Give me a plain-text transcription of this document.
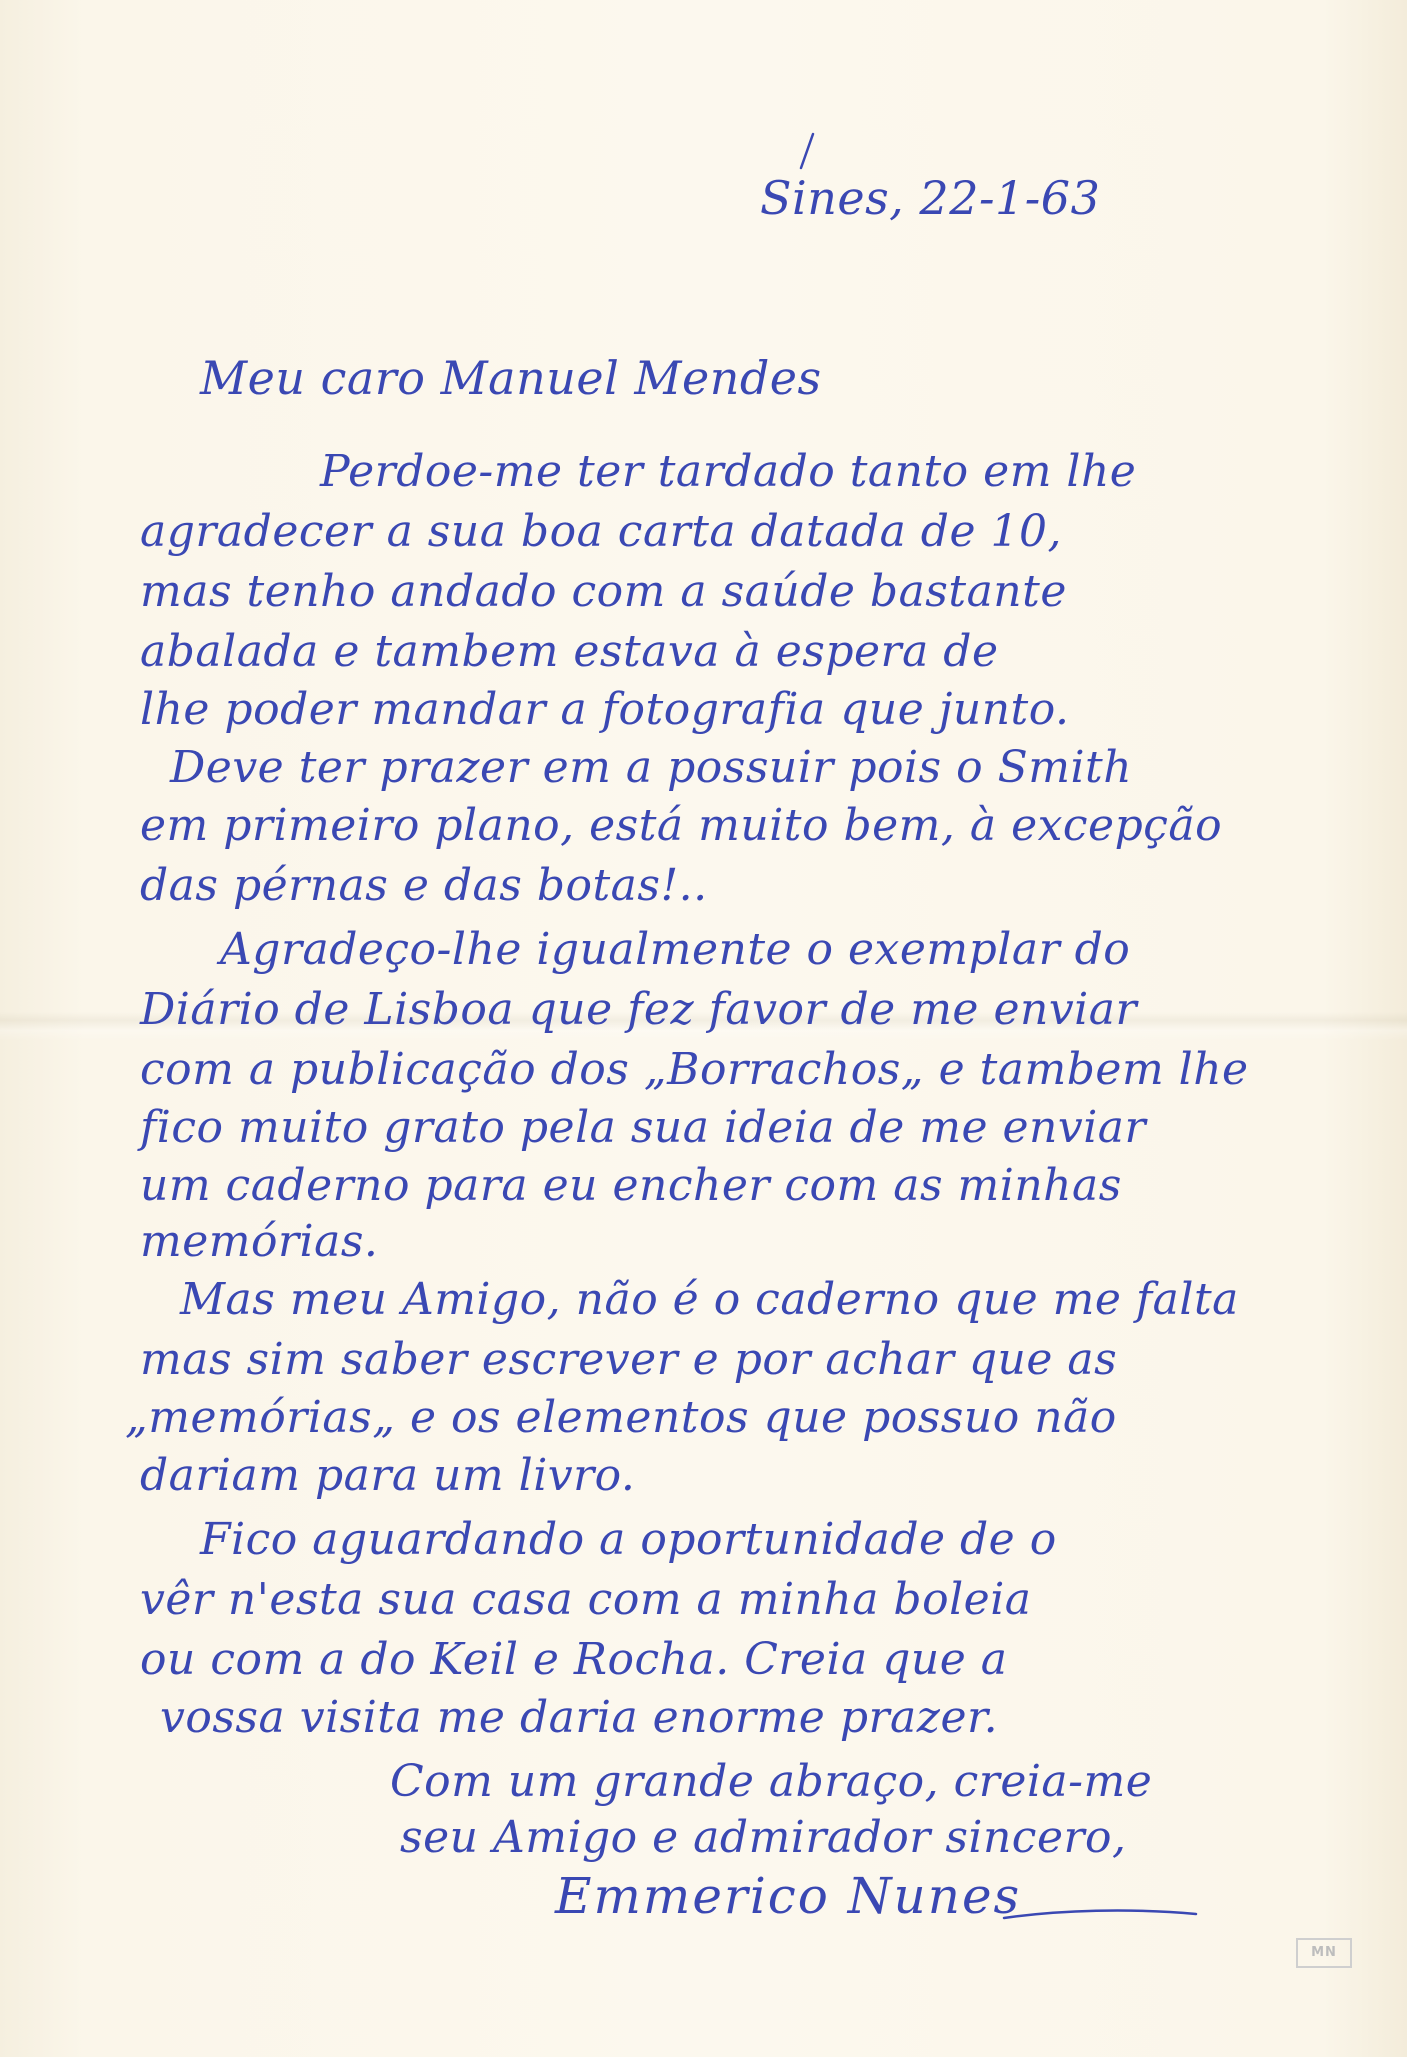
Sines, 22-1-63
Meu caro Manuel Mendes
Perdoe-me ter tardado tanto em lhe
agradecer a sua boa carta datada de 10,
mas tenho andado com a saúde bastante
abalada e tambem estava à espera de
lhe poder mandar a fotografia que junto.
Deve ter prazer em a possuir pois o Smith
em primeiro plano, está muito bem, à excepção
das pérnas e das botas!..
Agradeço-lhe igualmente o exemplar do
Diário de Lisboa que fez favor de me enviar
com a publicação dos „Borrachos„ e tambem lhe
fico muito grato pela sua ideia de me enviar
um caderno para eu encher com as minhas
memórias.
Mas meu Amigo, não é o caderno que me falta
mas sim saber escrever e por achar que as
„memórias„ e os elementos que possuo não
dariam para um livro.
Fico aguardando a oportunidade de o
vêr n'esta sua casa com a minha boleia
ou com a do Keil e Rocha. Creia que a
vossa visita me daria enorme prazer.
Com um grande abraço, creia-me
seu Amigo e admirador sincero,
Emmerico Nunes
MN
